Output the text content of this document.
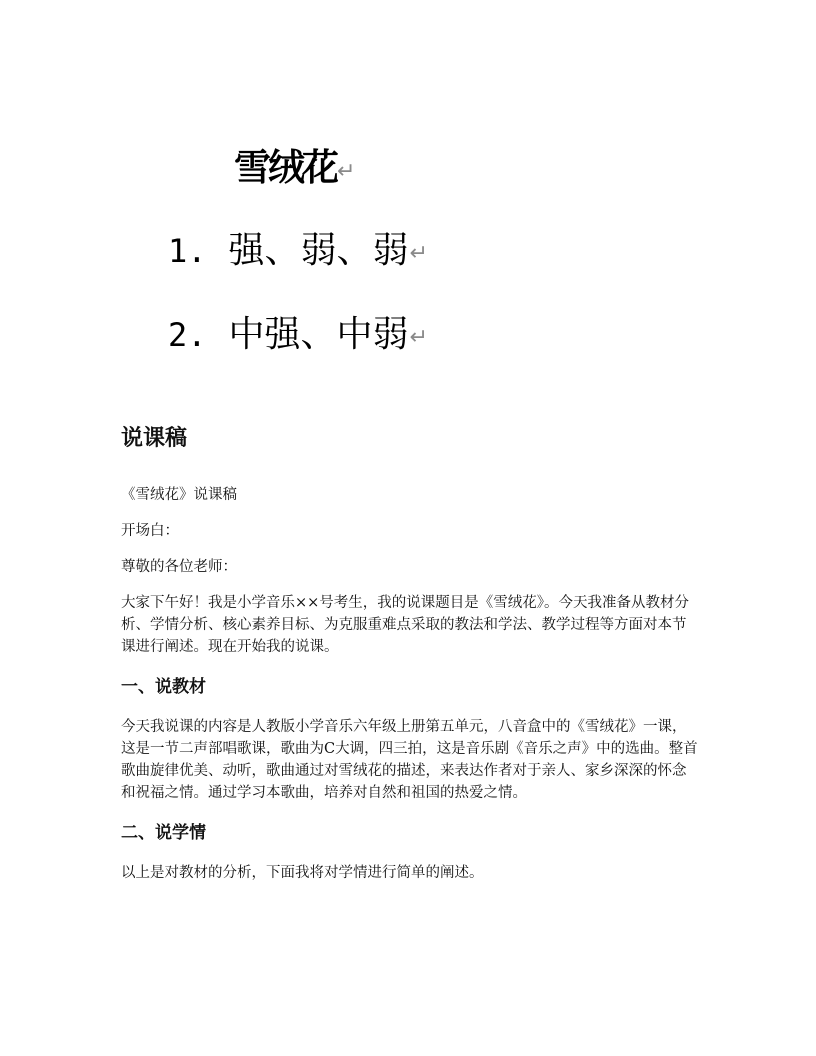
雪绒花↵
1. 强、弱、弱↵
2. 中强、中弱↵
说课稿

《雪绒花》说课稿

开场白：

尊敬的各位老师：

大家下午好！我是小学音乐××号考生，我的说课题目是《雪绒花》。今天我准备从教材分析、学情分析、核心素养目标、为克服重难点采取的教法和学法、教学过程等方面对本节课进行阐述。现在开始我的说课。

一、说教材

今天我说课的内容是人教版小学音乐六年级上册第五单元，八音盒中的《雪绒花》一课，这是一节二声部唱歌课，歌曲为C大调，四三拍，这是音乐剧《音乐之声》中的选曲。整首歌曲旋律优美、动听，歌曲通过对雪绒花的描述，来表达作者对于亲人、家乡深深的怀念和祝福之情。通过学习本歌曲，培养对自然和祖国的热爱之情。

二、说学情

以上是对教材的分析，下面我将对学情进行简单的阐述。
